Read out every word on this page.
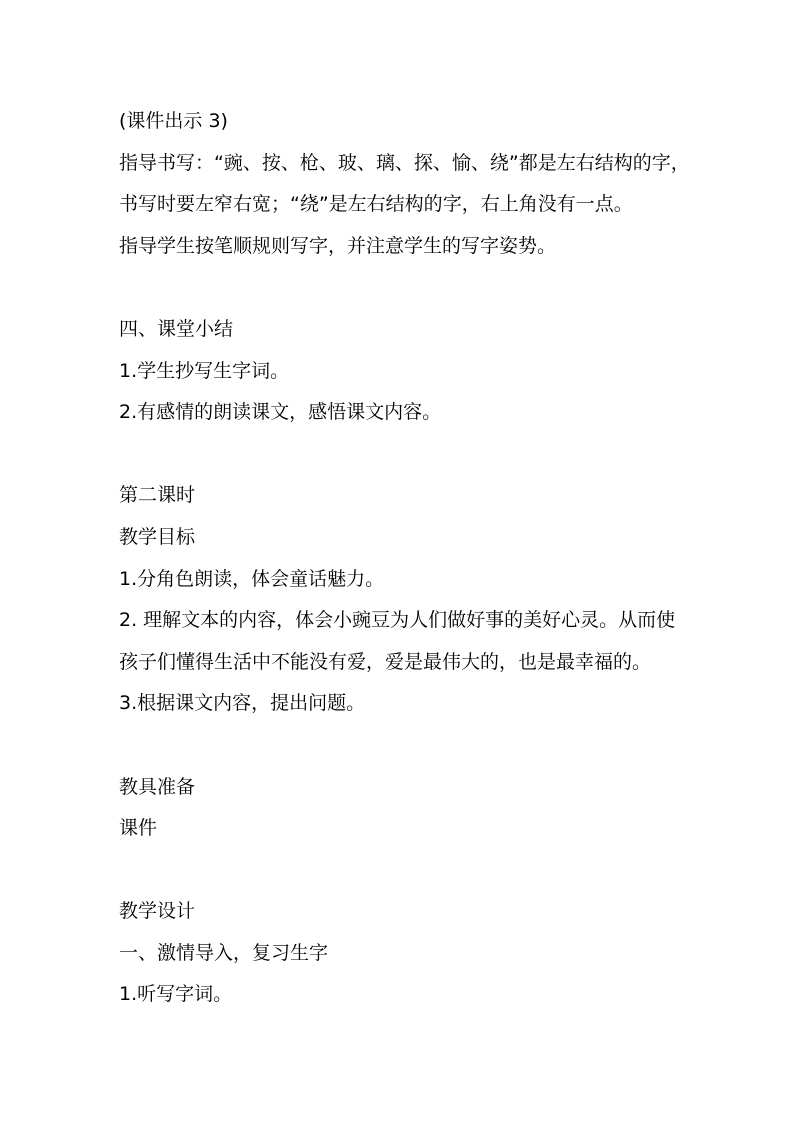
(课件出示 3)
指导书写：“豌、按、枪、玻、璃、探、愉、绕”都是左右结构的字，
书写时要左窄右宽；“绕”是左右结构的字，右上角没有一点。
指导学生按笔顺规则写字，并注意学生的写字姿势。
四、课堂小结
1.学生抄写生字词。
2.有感情的朗读课文，感悟课文内容。
第二课时
教学目标
1.分角色朗读，体会童话魅力。
2. 理解文本的内容，体会小豌豆为人们做好事的美好心灵。从而使
孩子们懂得生活中不能没有爱，爱是最伟大的，也是最幸福的。
3.根据课文内容，提出问题。
教具准备
课件
教学设计
一、激情导入，复习生字
1.听写字词。
